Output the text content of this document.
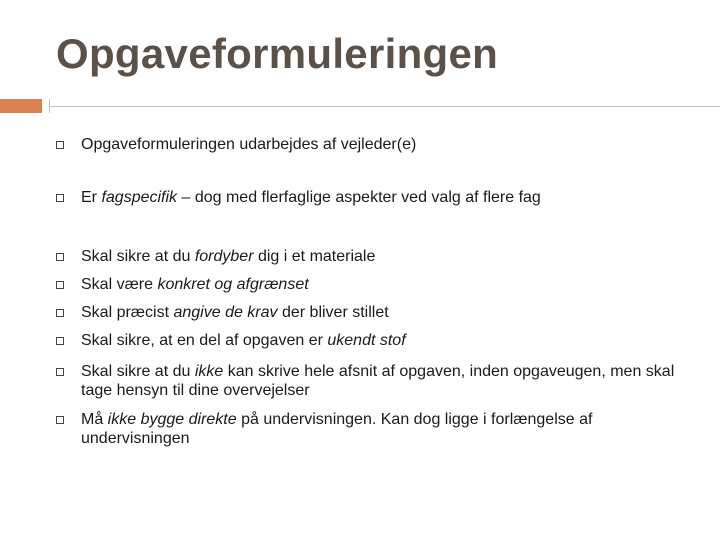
Opgaveformuleringen
Opgaveformuleringen udarbejdes af vejleder(e)
Er fagspecifik – dog med flerfaglige aspekter ved valg af flere fag
Skal sikre at du fordyber dig i et materiale
Skal være konkret og afgrænset
Skal præcist angive de krav der bliver stillet
Skal sikre, at en del af opgaven er ukendt stof
Skal sikre at du ikke kan skrive hele afsnit af opgaven, inden opgaveugen, men skal tage hensyn til dine overvejelser
Må ikke bygge direkte på undervisningen. Kan dog ligge i forlængelse af undervisningen
